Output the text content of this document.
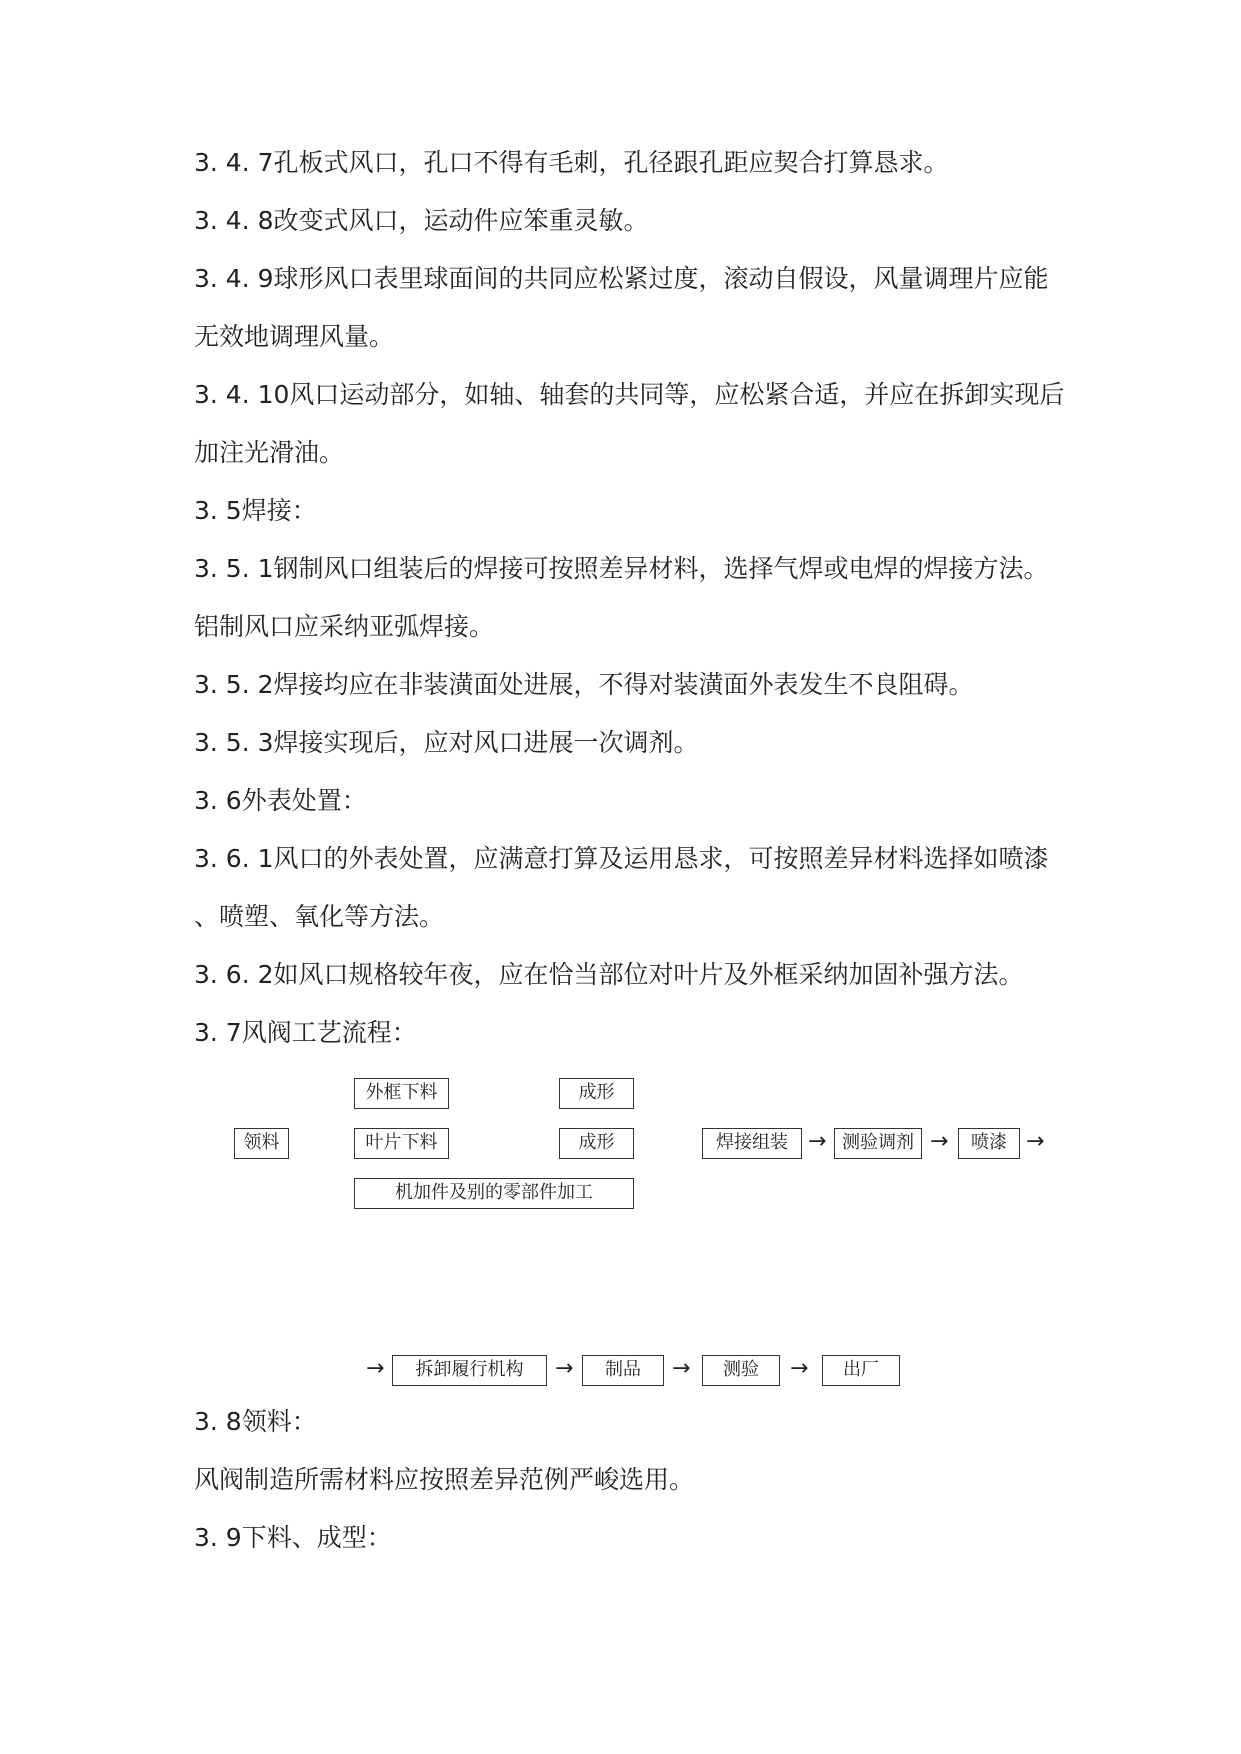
3. 4. 7孔板式风口，孔口不得有毛刺，孔径跟孔距应契合打算恳求。
3. 4. 8改变式风口，运动件应笨重灵敏。
3. 4. 9球形风口表里球面间的共同应松紧过度，滚动自假设，风量调理片应能
无效地调理风量。
3. 4. 10风口运动部分，如轴、轴套的共同等，应松紧合适，并应在拆卸实现后
加注光滑油。
3. 5焊接：
3. 5. 1钢制风口组装后的焊接可按照差异材料，选择气焊或电焊的焊接方法。
铝制风口应采纳亚弧焊接。
3. 5. 2焊接均应在非装潢面处进展，不得对装潢面外表发生不良阻碍。
3. 5. 3焊接实现后，应对风口进展一次调剂。
3. 6外表处置：
3. 6. 1风口的外表处置，应满意打算及运用恳求，可按照差异材料选择如喷漆
、喷塑、氧化等方法。
3. 6. 2如风口规格较年夜，应在恰当部位对叶片及外框采纳加固补强方法。
3. 7风阀工艺流程：
领料
外框下料	成形
叶片下料	成形
机加件及别的零部件加工
焊接组装 → 测验调剂 →	喷漆 →
→	拆卸履行机构	→	制品	→	测验	→	出厂
3. 8领料：
风阀制造所需材料应按照差异范例严峻选用。
3. 9下料、成型：
